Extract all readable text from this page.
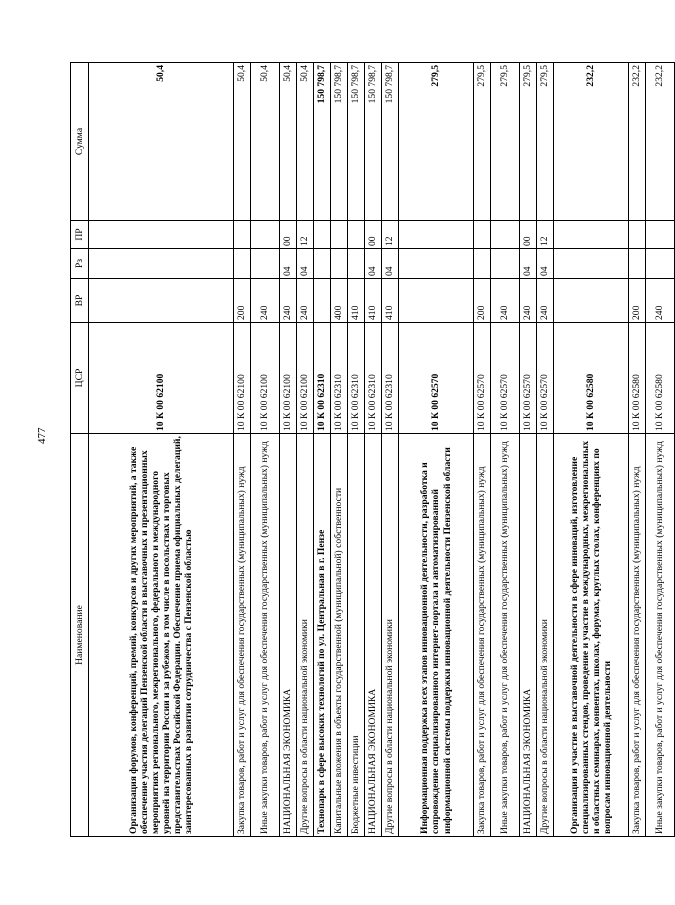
477
Наименование	ЦСР	ВР	Рз	ПР	Сумма
Организация форумов, конференций, премий, конкурсов и других мероприятий, а также обеспечение участия делегаций Пензенской области в выставочных и презентационных мероприятиях регионального, межрегионального, федерального и международного уровней на территории России и за рубежом, в том числе в посольствах и торговых представительствах Российской Федерации. Обеспечение приема официальных делегаций, заинтересованных в развитии сотрудничества с Пензенской областью	10 К 00 62100				50,4
Закупка товаров, работ и услуг для обеспечения государственных (муниципальных) нужд	10 К 00 62100	200			50,4
Иные закупки товаров, работ и услуг для обеспечения государственных (муниципальных) нужд	10 К 00 62100	240			50,4
НАЦИОНАЛЬНАЯ ЭКОНОМИКА	10 К 00 62100	240	04	00	50,4
Другие вопросы в области национальной экономики	10 К 00 62100	240	04	12	50,4
Технопарк в сфере высоких технологий по ул. Центральная в г. Пензе	10 К 00 62310				150 798,7
Капитальные вложения в объекты государственной (муниципальной) собственности	10 К 00 62310	400			150 798,7
Бюджетные инвестиции	10 К 00 62310	410			150 798,7
НАЦИОНАЛЬНАЯ ЭКОНОМИКА	10 К 00 62310	410	04	00	150 798,7
Другие вопросы в области национальной экономики	10 К 00 62310	410	04	12	150 798,7
Информационная поддержка всех этапов инновационной деятельности, разработка и сопровождение специализированного интернет-портала и автоматизированной информационной системы поддержки инновационной деятельности Пензенской области	10 К 00 62570				279,5
Закупка товаров, работ и услуг для обеспечения государственных (муниципальных) нужд	10 К 00 62570	200			279,5
Иные закупки товаров, работ и услуг для обеспечения государственных (муниципальных) нужд	10 К 00 62570	240			279,5
НАЦИОНАЛЬНАЯ ЭКОНОМИКА	10 К 00 62570	240	04	00	279,5
Другие вопросы в области национальной экономики	10 К 00 62570	240	04	12	279,5
Организация и участие в выставочной деятельности в сфере инноваций, изготовление специализированных стендов, проведение и участие в международных, межрегиональных и областных семинарах, конвентах, школах, форумах, круглых столах, конференциях по вопросам инновационной деятельности	10 К 00 62580				232,2
Закупка товаров, работ и услуг для обеспечения государственных (муниципальных) нужд	10 К 00 62580	200			232,2
Иные закупки товаров, работ и услуг для обеспечения государственных (муниципальных) нужд	10 К 00 62580	240			232,2
